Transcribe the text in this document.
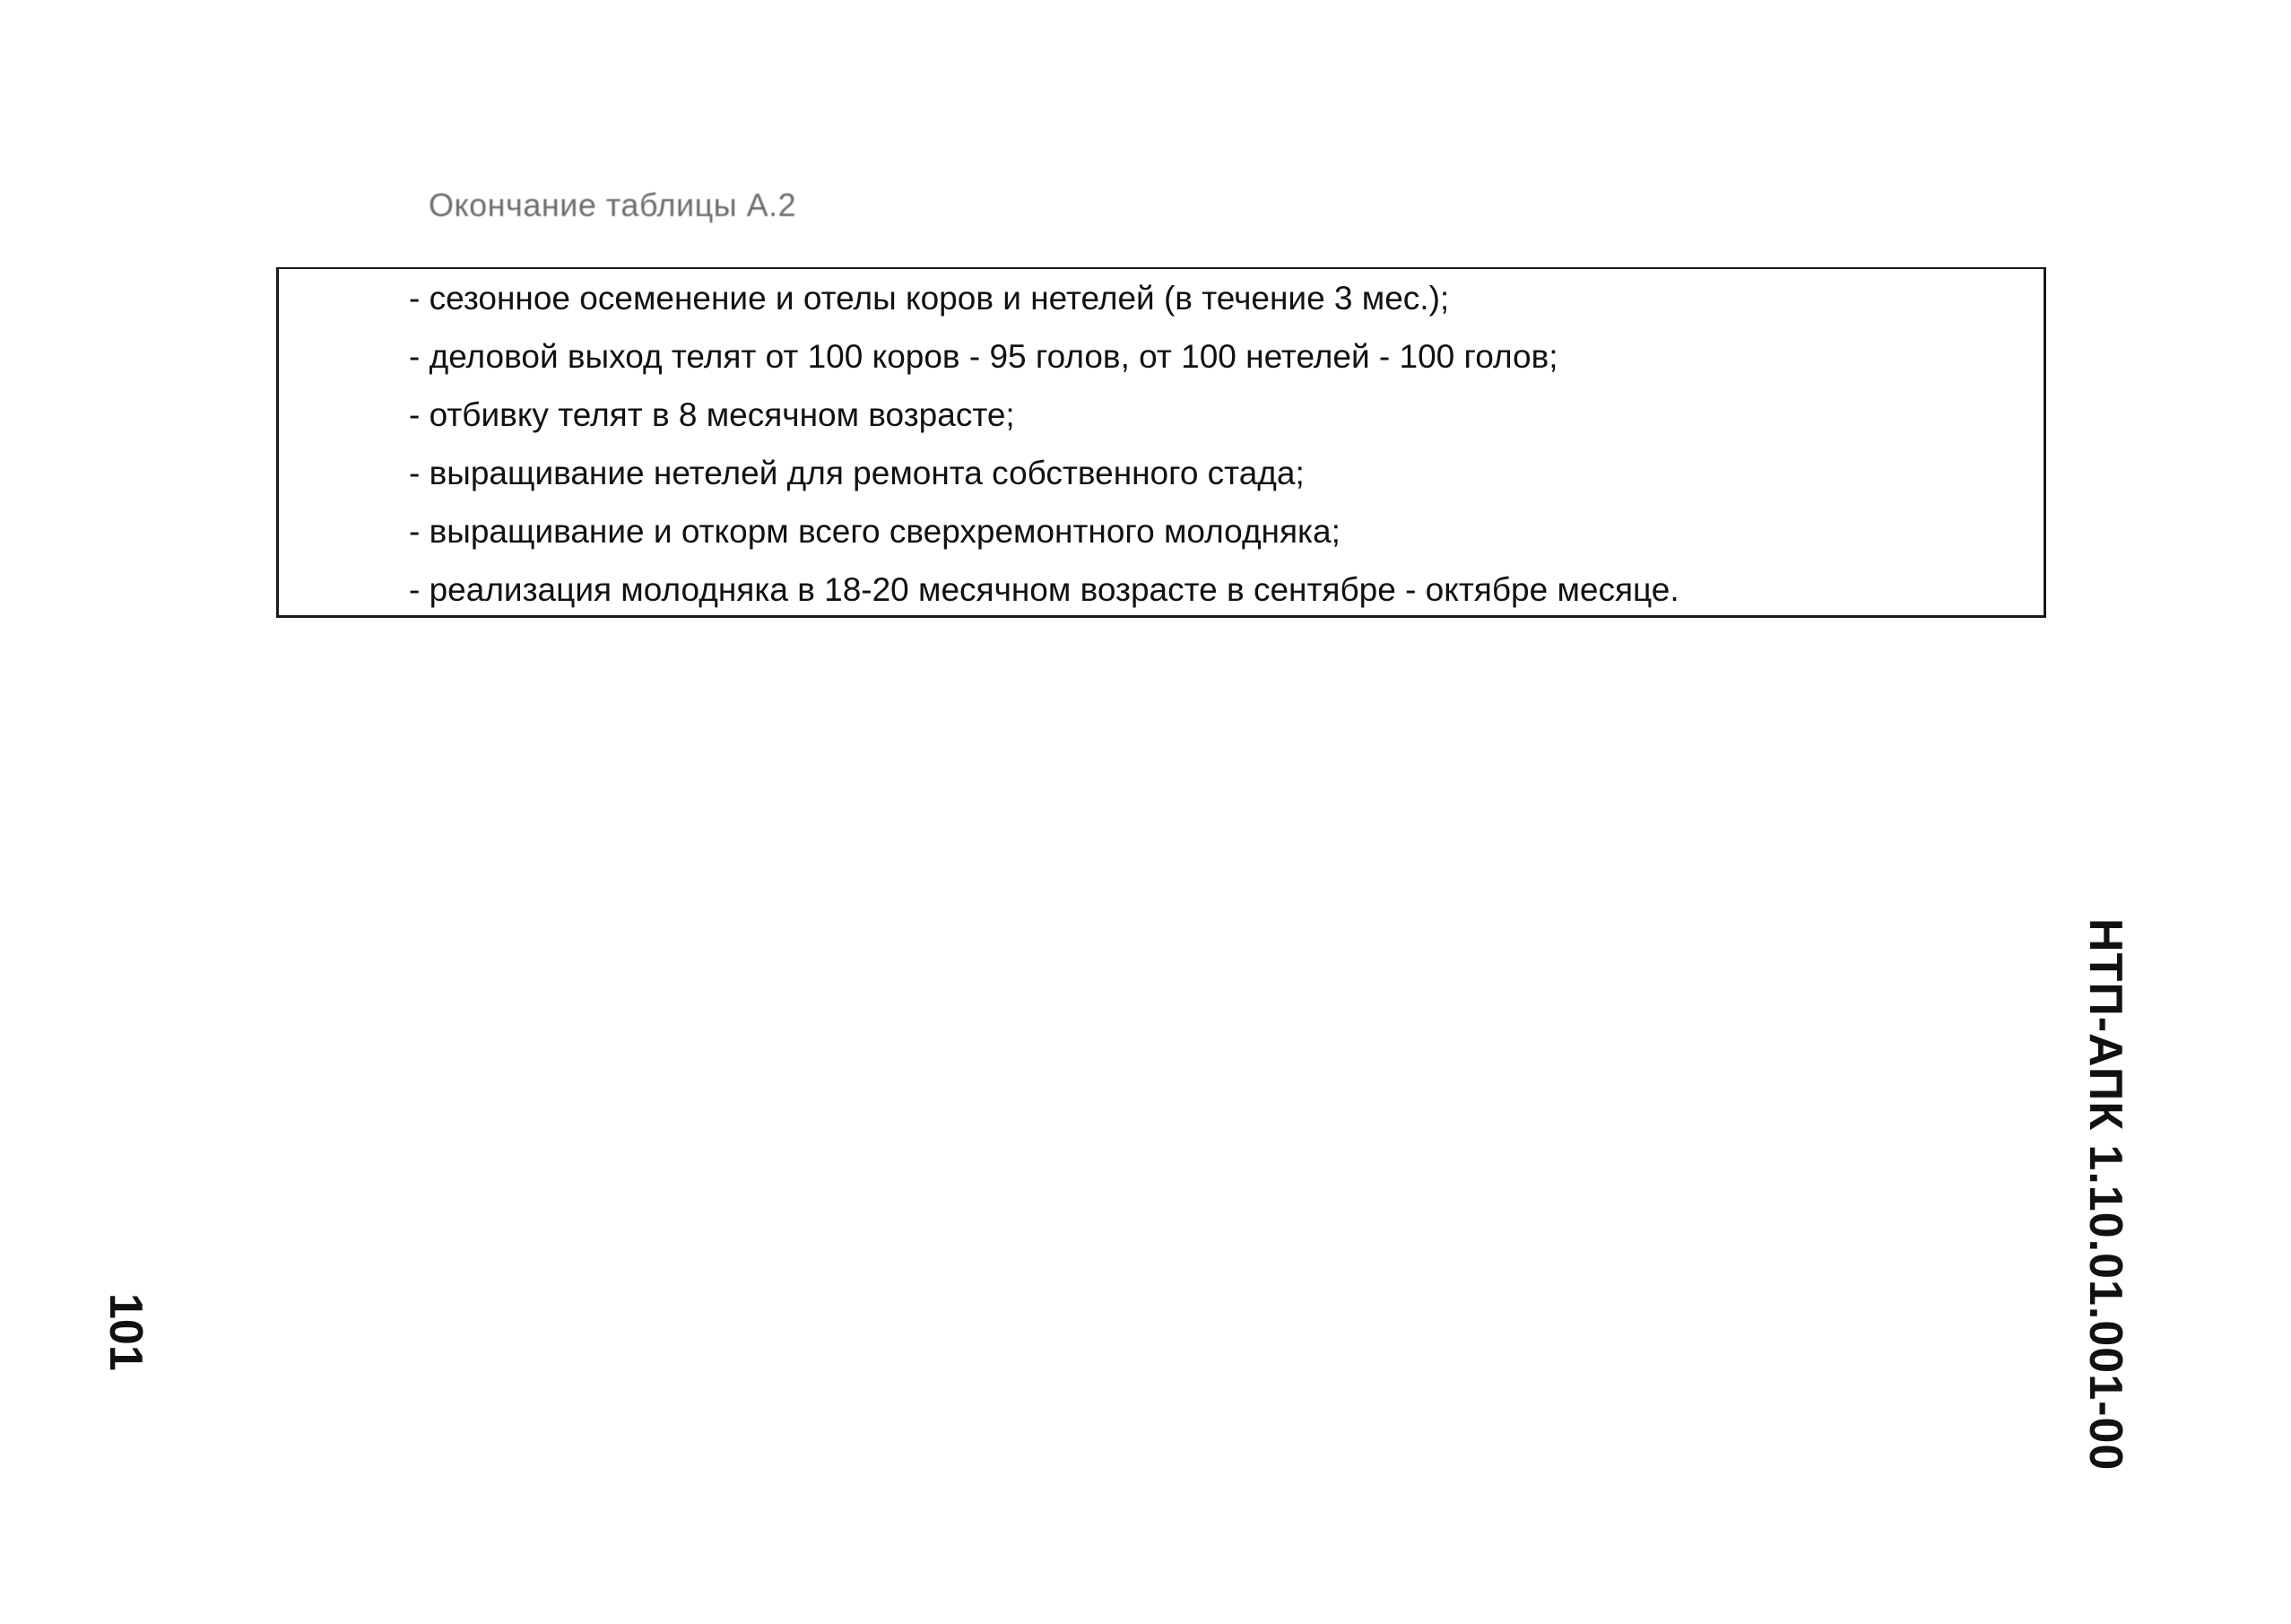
Окончание таблицы А.2
- сезонное осеменение и отелы коров и нетелей (в течение 3 мес.);
- деловой выход телят от 100 коров - 95 голов, от 100 нетелей - 100 голов;
- отбивку телят в 8 месячном возрасте;
- выращивание нетелей для ремонта собственного стада;
- выращивание и откорм всего сверхремонтного молодняка;
- реализация молодняка в 18-20 месячном возрасте в сентябре - октябре месяце.
НТП-АПК 1.10.01.001-00
101
